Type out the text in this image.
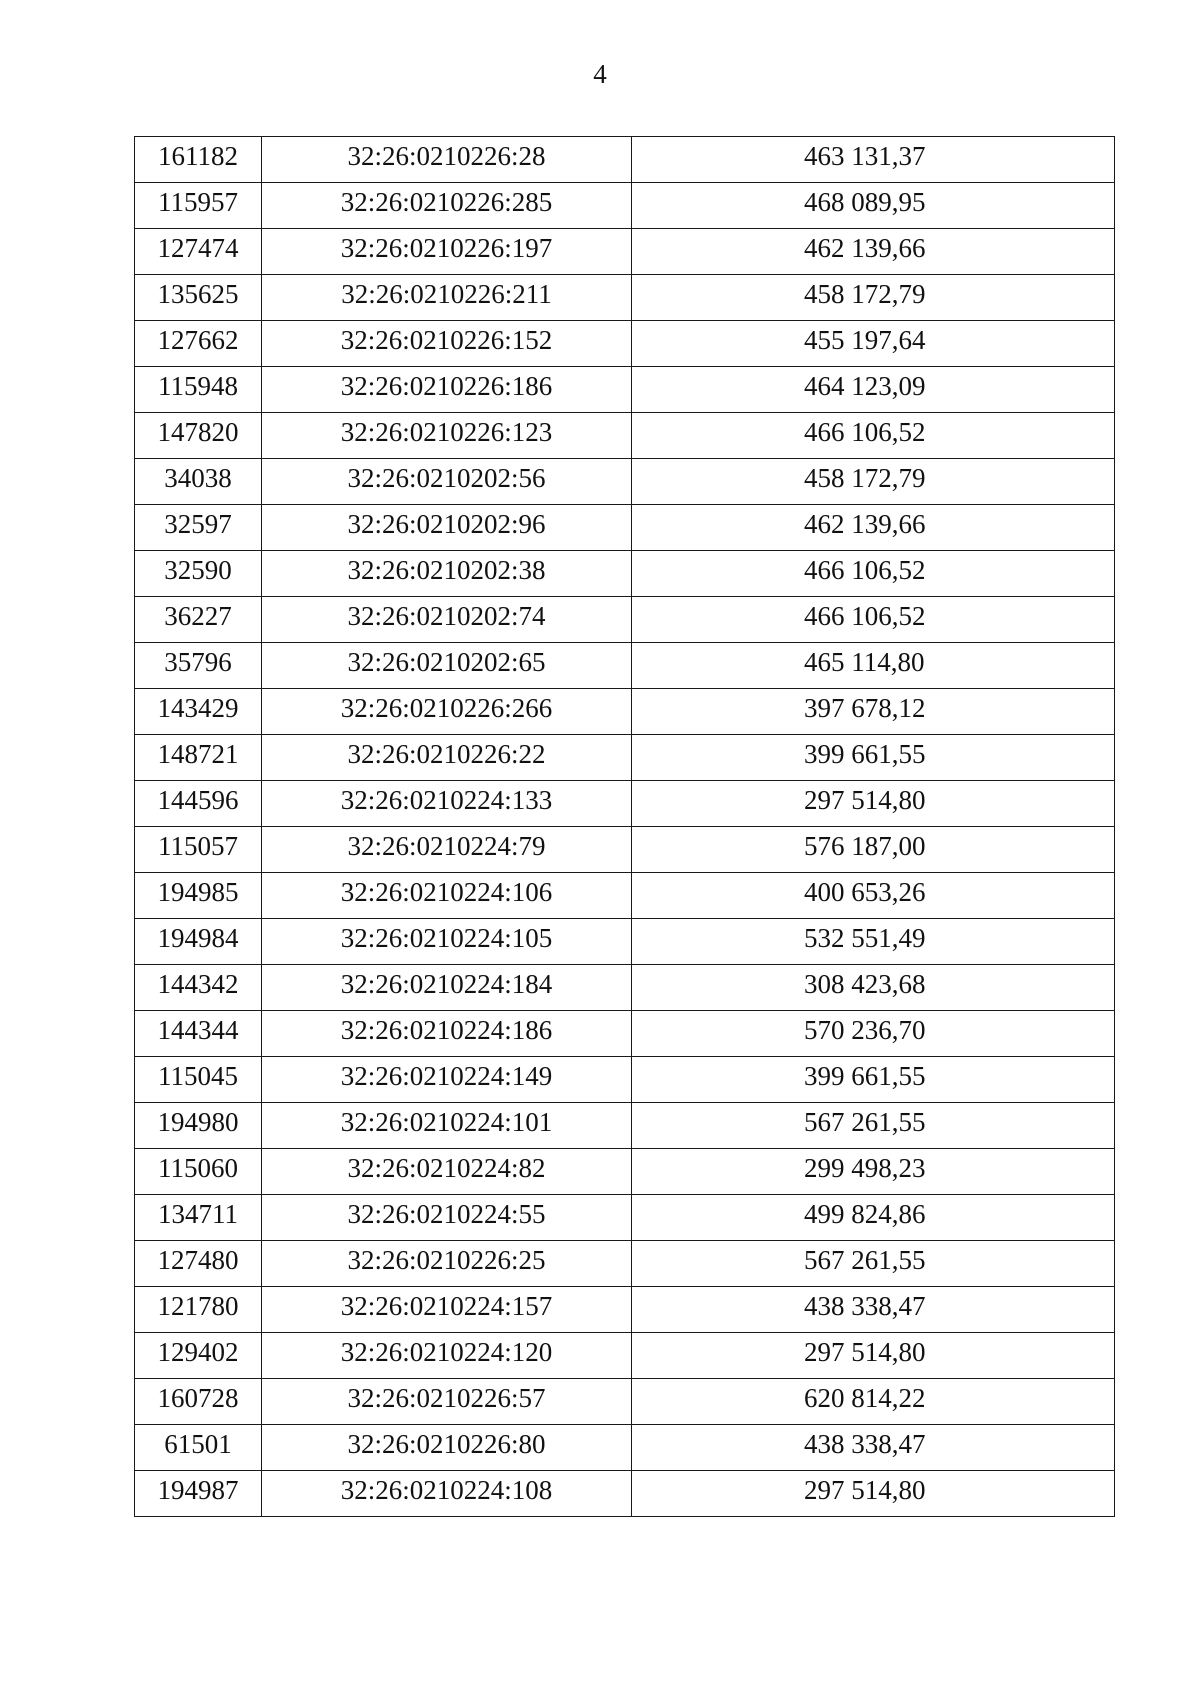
4
161182	32:26:0210226:28	463 131,37
115957	32:26:0210226:285	468 089,95
127474	32:26:0210226:197	462 139,66
135625	32:26:0210226:211	458 172,79
127662	32:26:0210226:152	455 197,64
115948	32:26:0210226:186	464 123,09
147820	32:26:0210226:123	466 106,52
34038	32:26:0210202:56	458 172,79
32597	32:26:0210202:96	462 139,66
32590	32:26:0210202:38	466 106,52
36227	32:26:0210202:74	466 106,52
35796	32:26:0210202:65	465 114,80
143429	32:26:0210226:266	397 678,12
148721	32:26:0210226:22	399 661,55
144596	32:26:0210224:133	297 514,80
115057	32:26:0210224:79	576 187,00
194985	32:26:0210224:106	400 653,26
194984	32:26:0210224:105	532 551,49
144342	32:26:0210224:184	308 423,68
144344	32:26:0210224:186	570 236,70
115045	32:26:0210224:149	399 661,55
194980	32:26:0210224:101	567 261,55
115060	32:26:0210224:82	299 498,23
134711	32:26:0210224:55	499 824,86
127480	32:26:0210226:25	567 261,55
121780	32:26:0210224:157	438 338,47
129402	32:26:0210224:120	297 514,80
160728	32:26:0210226:57	620 814,22
61501	32:26:0210226:80	438 338,47
194987	32:26:0210224:108	297 514,80
